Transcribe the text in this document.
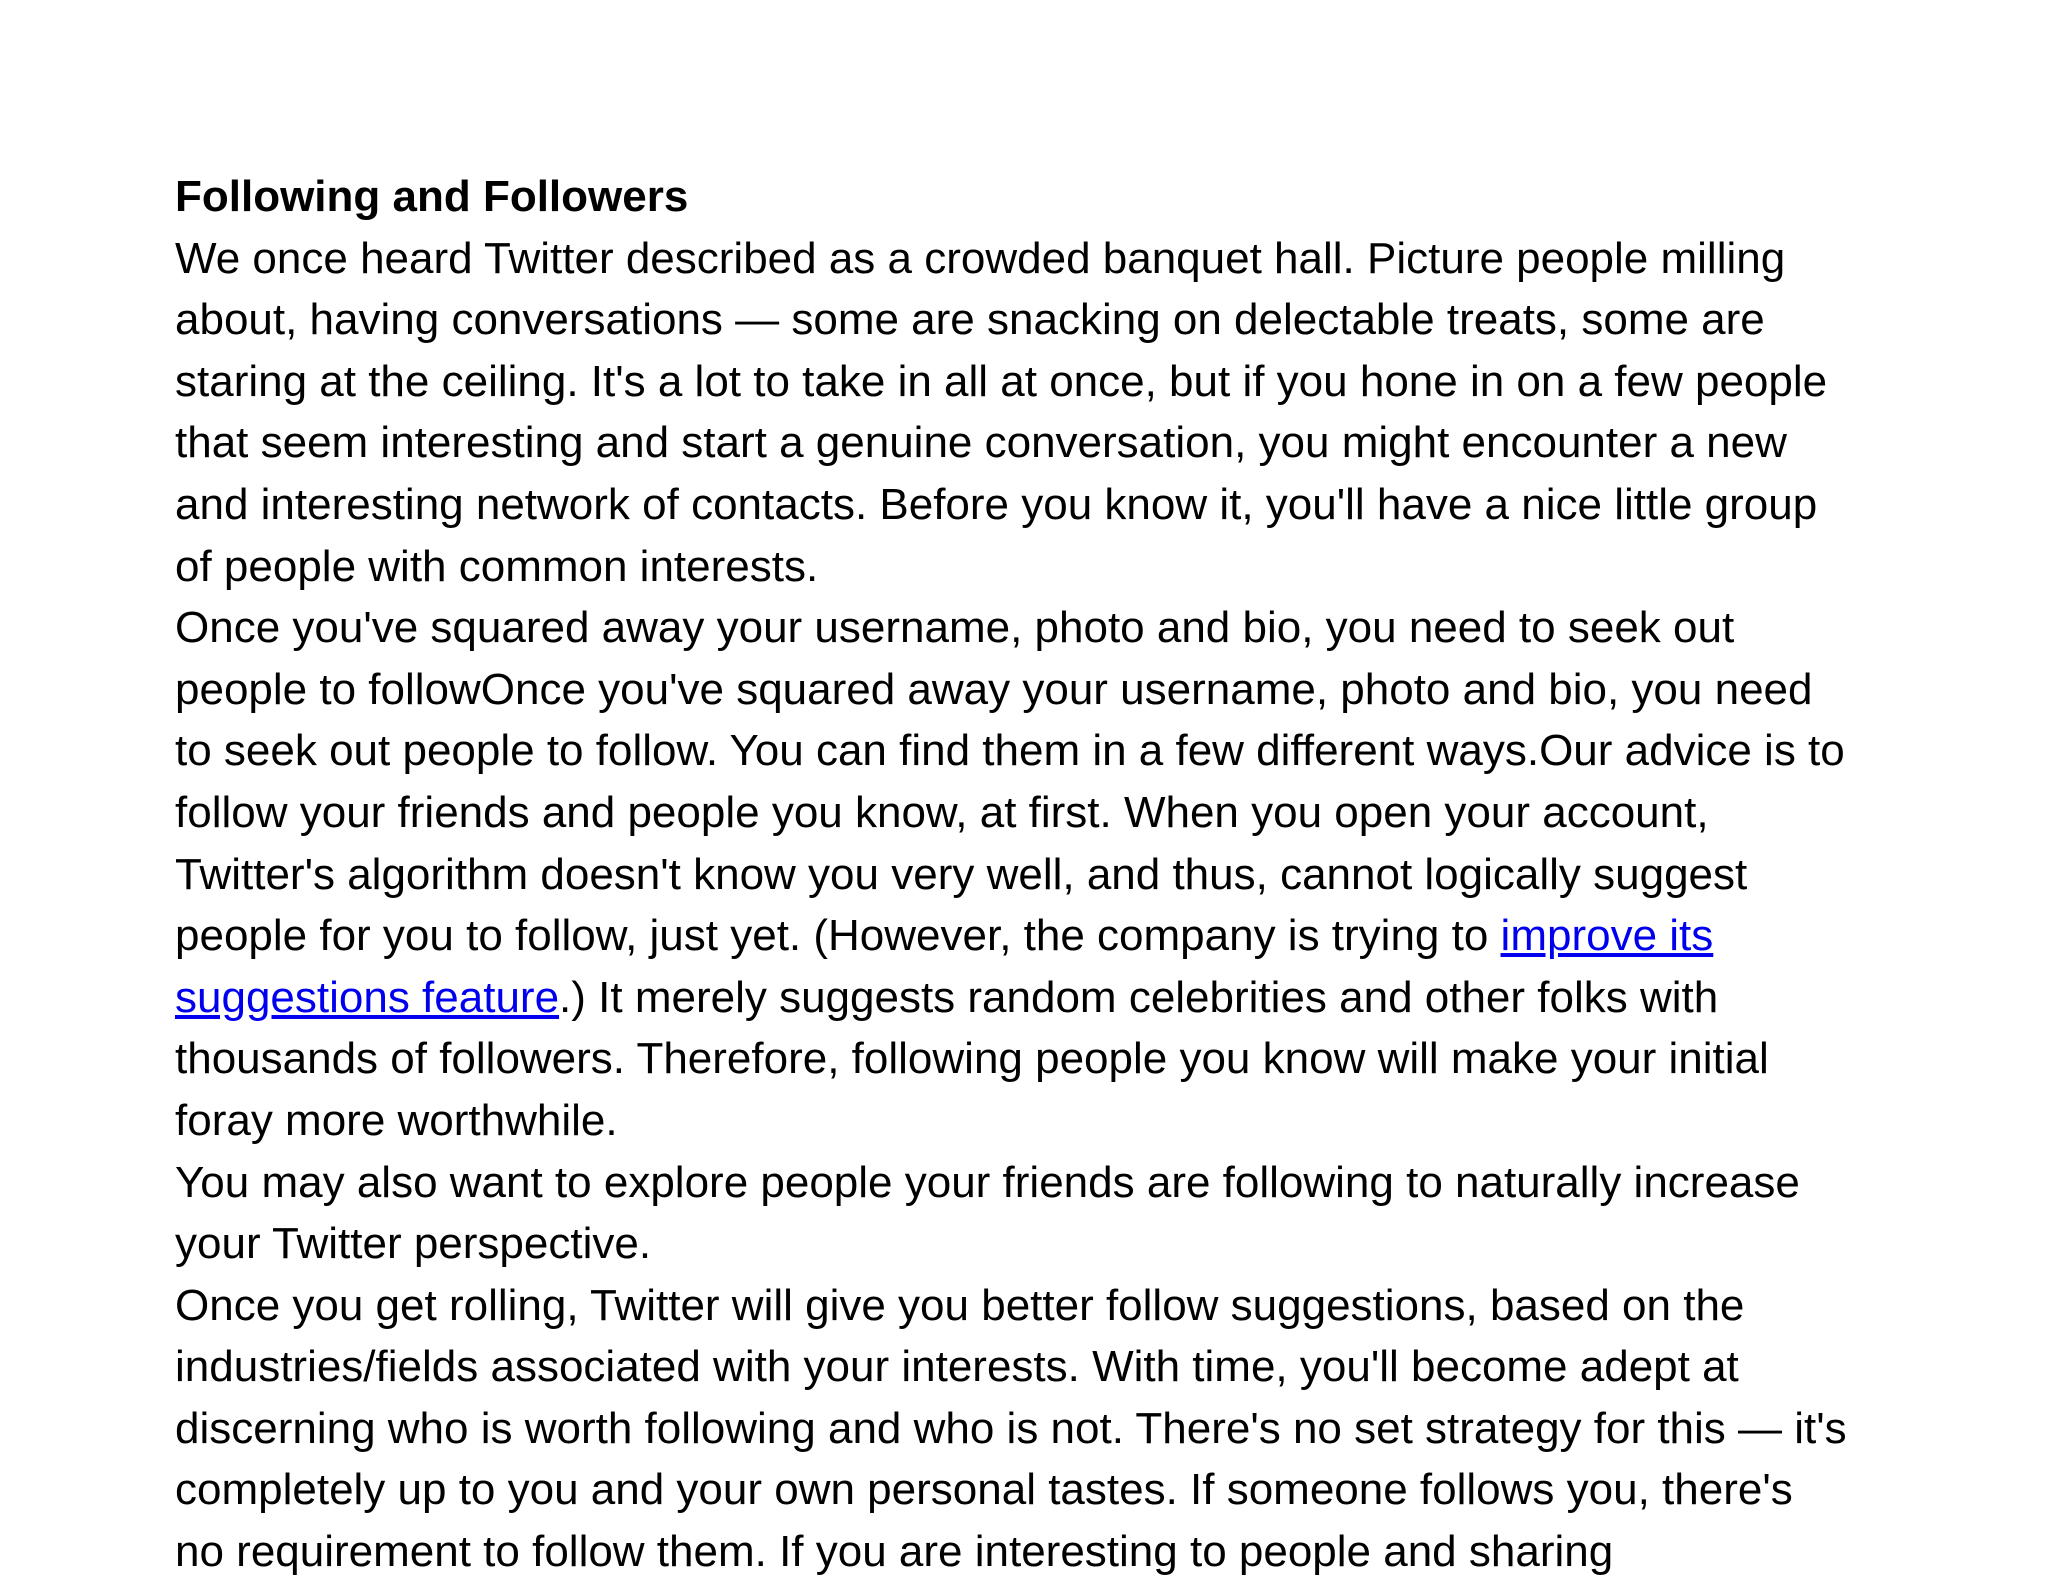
Following and Followers
We once heard Twitter described as a crowded banquet hall. Picture people milling
about, having conversations — some are snacking on delectable treats, some are
staring at the ceiling. It's a lot to take in all at once, but if you hone in on a few people
that seem interesting and start a genuine conversation, you might encounter a new
and interesting network of contacts. Before you know it, you'll have a nice little group
of people with common interests.
Once you've squared away your username, photo and bio, you need to seek out
people to followOnce you've squared away your username, photo and bio, you need
to seek out people to follow. You can find them in a few different ways.Our advice is to
follow your friends and people you know, at first. When you open your account,
Twitter's algorithm doesn't know you very well, and thus, cannot logically suggest
people for you to follow, just yet. (However, the company is trying to improve its
suggestions feature.) It merely suggests random celebrities and other folks with
thousands of followers. Therefore, following people you know will make your initial
foray more worthwhile.
You may also want to explore people your friends are following to naturally increase
your Twitter perspective.
Once you get rolling, Twitter will give you better follow suggestions, based on the
industries/fields associated with your interests. With time, you'll become adept at
discerning who is worth following and who is not. There's no set strategy for this — it's
completely up to you and your own personal tastes. If someone follows you, there's
no requirement to follow them. If you are interesting to people and sharing
